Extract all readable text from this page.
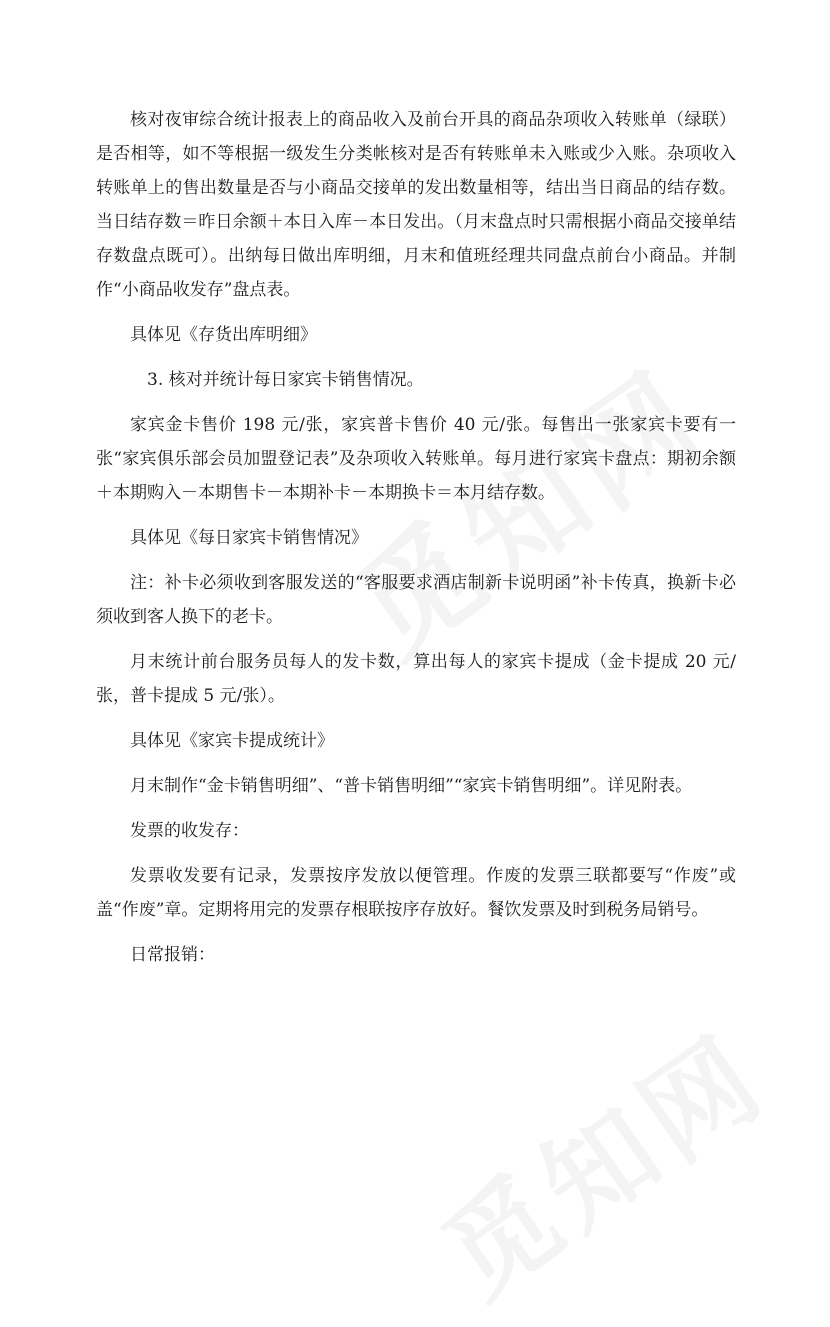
核对夜审综合统计报表上的商品收入及前台开具的商品杂项收入转账单（绿联）是否相等，如不等根据一级发生分类帐核对是否有转账单未入账或少入账。杂项收入转账单上的售出数量是否与小商品交接单的发出数量相等，结出当日商品的结存数。当日结存数＝昨日余额＋本日入库－本日发出。（月末盘点时只需根据小商品交接单结存数盘点既可）。出纳每日做出库明细，月末和值班经理共同盘点前台小商品。并制作“小商品收发存”盘点表。

具体见《存货出库明细》

3. 核对并统计每日家宾卡销售情况。

家宾金卡售价 198 元/张，家宾普卡售价 40 元/张。每售出一张家宾卡要有一张“家宾俱乐部会员加盟登记表”及杂项收入转账单。每月进行家宾卡盘点：期初余额＋本期购入－本期售卡－本期补卡－本期换卡＝本月结存数。

具体见《每日家宾卡销售情况》

注：补卡必须收到客服发送的“客服要求酒店制新卡说明函”补卡传真，换新卡必须收到客人换下的老卡。

月末统计前台服务员每人的发卡数，算出每人的家宾卡提成（金卡提成 20 元/张，普卡提成 5 元/张）。

具体见《家宾卡提成统计》

月末制作“金卡销售明细”、“普卡销售明细”“家宾卡销售明细”。详见附表。

发票的收发存：

发票收发要有记录，发票按序发放以便管理。作废的发票三联都要写“作废”或盖“作废”章。定期将用完的发票存根联按序存放好。餐饮发票及时到税务局销号。

日常报销：
